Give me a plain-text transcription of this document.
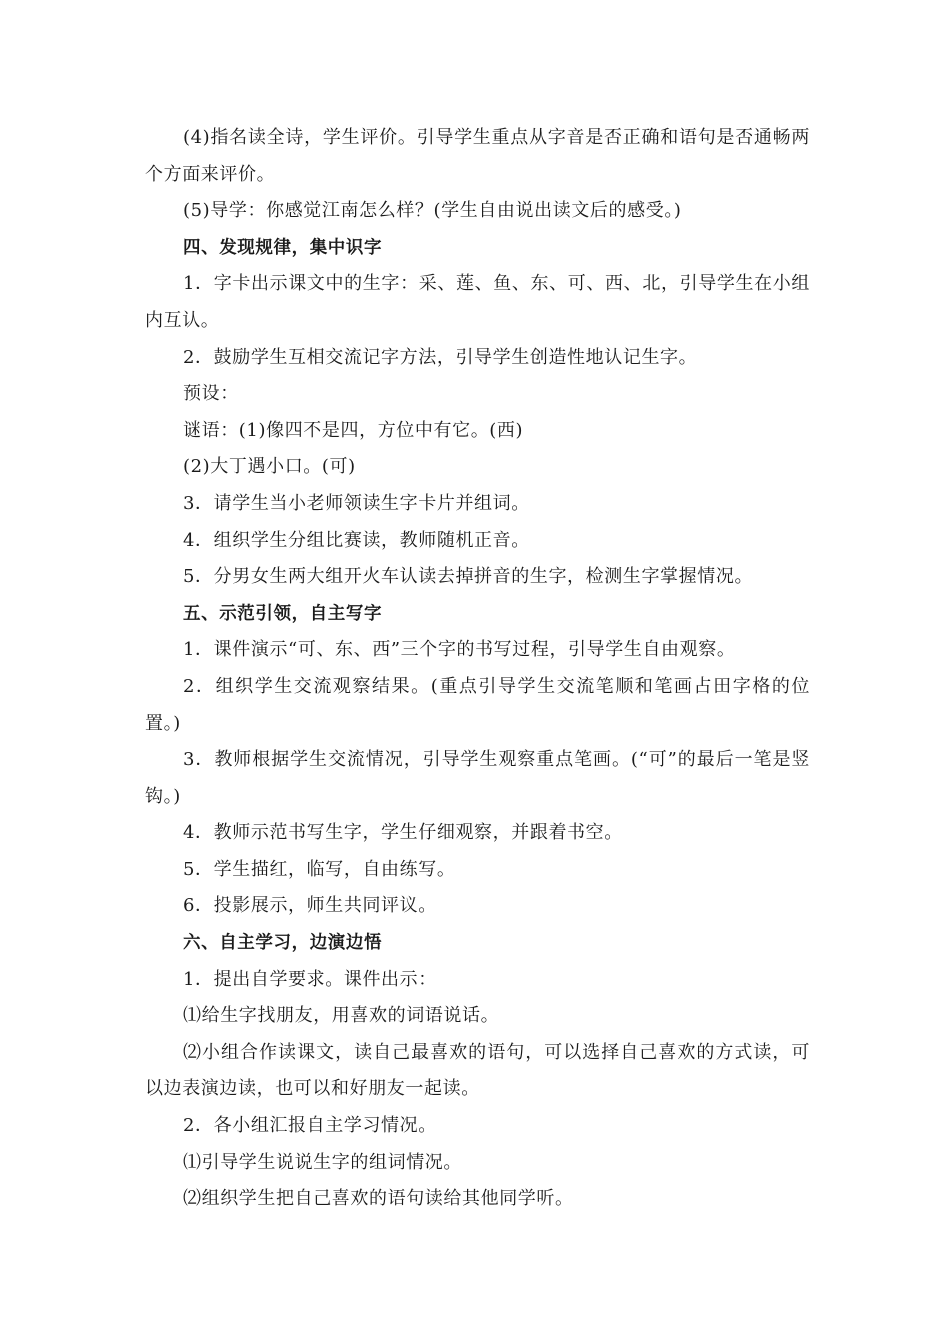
(4)指名读全诗，学生评价。引导学生重点从字音是否正确和语句是否通畅两个方面来评价。

(5)导学：你感觉江南怎么样？(学生自由说出读文后的感受。)

四、发现规律，集中识字

1．字卡出示课文中的生字：采、莲、鱼、东、可、西、北，引导学生在小组内互认。

2．鼓励学生互相交流记字方法，引导学生创造性地认记生字。

预设：

谜语：(1)像四不是四，方位中有它。(西)

(2)大丁遇小口。(可)

3．请学生当小老师领读生字卡片并组词。

4．组织学生分组比赛读，教师随机正音。

5．分男女生两大组开火车认读去掉拼音的生字，检测生字掌握情况。

五、示范引领，自主写字

1．课件演示“可、东、西”三个字的书写过程，引导学生自由观察。

2．组织学生交流观察结果。(重点引导学生交流笔顺和笔画占田字格的位置。)

3．教师根据学生交流情况，引导学生观察重点笔画。(“可”的最后一笔是竖钩。)

4．教师示范书写生字，学生仔细观察，并跟着书空。

5．学生描红，临写，自由练写。

6．投影展示，师生共同评议。

六、自主学习，边演边悟

1．提出自学要求。课件出示：

⑴给生字找朋友，用喜欢的词语说话。

⑵小组合作读课文，读自己最喜欢的语句，可以选择自己喜欢的方式读，可以边表演边读，也可以和好朋友一起读。

2．各小组汇报自主学习情况。

⑴引导学生说说生字的组词情况。

⑵组织学生把自己喜欢的语句读给其他同学听。
